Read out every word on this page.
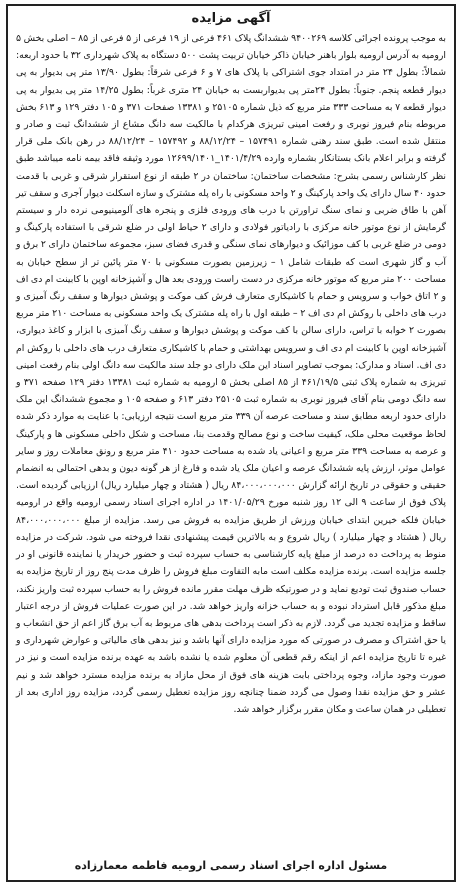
آگهی مزایده

به موجب پرونده اجرائی کلاسه ۹۴۰۰۲۶۹ ششدانگ پلاک ۴۶۱ فرعی از ۱۹ فرعی از ۵ فرعی از ۸۵ – اصلی بخش ۵ ارومیه به آدرس ارومیه بلوار باهنر خیابان ذاکر خیابان تربیت پشت ۵۰۰ دستگاه به پلاک شهرداری ۳۲ با حدود اربعه: شمالاً: بطول ۲۴ متر در امتداد جوی اشتراکی با پلاک های ۷ و ۶ فرعی شرقاً: بطول ۱۳/۹۰ متر پی بدیوار به پی دیوار قطعه پنجم. جنوباً: بطول ۲۴متر پی بدیواربست به خیابان ۲۴ متری غرباً: بطول ۱۴/۲۵ متر پی بدیوار به پی دیوار قطعه ۷ به مساحت ۳۳۳ متر مربع که ذیل شماره ۲۵۱۰۵ و ۱۳۳۸۱ صفحات ۳۷۱ و ۱۰۵ دفتر ۱۲۹ و ۶۱۳ بخش مربوطه بنام فیروز نوبری و رفعت امینی تبریزی هرکدام با مالکیت سه دانگ مشاع از ششدانگ ثبت و صادر و منتقل شده است. طبق سند رهنی شماره ۱۵۷۴۹۱ – ۸۸/۱۲/۲۴ و ۱۵۷۴۹۲ – ۸۸/۱۲/۲۴ در رهن بانک ملی قرار گرفته و برابر اعلام بانک بستانکار بشماره وارده ۱۴۰۱/۴/۲۹_۱۲۶۹۹/۱۴۰۱ مورد وثیقه فاقد بیمه نامه میباشد طبق نظر کارشناس رسمی بشرح: مشخصات ساختمان: ساختمان در ۲ طبقه از نوع استقرار شرقی و غربی با قدمت حدود ۴۰ سال دارای یک واحد پارکینگ و ۲ واحد مسکونی با راه پله مشترک و سازه اسکلت دیوار آجری و سقف تیر آهن با طاق ضربی و نمای سنگ تراورتن با درب های ورودی فلزی و پنجره های آلومینیومی نرده دار و سیستم گرمایش از نوع موتور خانه مرکزی با رادیاتور فولادی و دارای ۲ حیاط اولی در ضلع شرقی با استفاده پارکینگ و دومی در ضلع غربی با کف موزائیک و دیوارهای نمای سنگی و قدری فضای سبز، مجموعه ساختمان دارای ۲ برق و آب و گاز شهری است که طبقات شامل ۱ – زیرزمین بصورت مسکونی با ۷۰ متر پائین تر از سطح خیابان به مساحت ۲۰۰ متر مربع که موتور خانه مرکزی در دست راست ورودی بعد هال و آشپزخانه اوپن با کابینت ام دی اف و ۲ اتاق خواب و سرویس و حمام با کاشیکاری متعارف فرش کف موکت و پوشش دیوارها و سقف رنگ آمیزی و درب های داخلی با روکش ام دی اف ۲ – طبقه اول با راه پله مشترک یک واحد مسکونی به مساحت ۲۱۰ متر مربع بصورت ۲ خوابه با تراس، دارای سالن با کف موکت و پوشش دیوارها و سقف رنگ آمیزی با ابزار و کاغذ دیواری، آشپزخانه اوپن با کابینت ام دی اف و سرویس بهداشتی و حمام با کاشیکاری متعارف درب های داخلی با روکش ام دی اف. اسناد و مدارک: بموجب تصاویر اسناد این ملک دارای دو جلد سند مالکیت سه دانگ اولی بنام رفعت امینی تبریزی به شماره پلاک ثبتی ۴۶۱/۱۹/۵ از ۸۵ اصلی بخش ۵ ارومیه به شماره ثبت ۱۳۳۸۱ دفتر ۱۲۹ صفحه ۳۷۱ و سه دانگ دومی بنام آقای فیروز نوبری به شماره ثبت ۲۵۱۰۵ دفتر ۶۱۳ و صفحه ۱۰۵ و مجموع ششدانگ این ملک دارای حدود اربعه مطابق سند و مساحت عرصه آن ۳۳۹ متر مربع است نتیجه ارزیابی: با عنایت به موارد ذکر شده لحاظ موقعیت محلی ملک، کیفیت ساخت و نوع مصالح وقدمت بنا، مساحت و شکل داخلی مسکونی ها و پارکینگ و عرصه به مساحت ۳۳۹ متر مربع و اعیانی یاد شده به مساحت حدود ۴۱۰ متر مربع و رونق معاملات روز و سایر عوامل موثر، ارزش پایه ششدانگ عرصه و اعیان ملک یاد شده و فارغ از هر گونه دیون و بدهی احتمالی به انضمام حقیقی و حقوقی در تاریخ ارائه گزارش ۸۴،۰۰۰،۰۰۰،۰۰۰ ریال ( هشتاد و چهار میلیارد ریال) ارزیابی گردیده است. پلاک فوق از ساعت ۹ الی ۱۲ روز شنبه مورخ ۱۴۰۱/۰۵/۲۹ در اداره اجرای اسناد رسمی ارومیه واقع در ارومیه خیابان فلکه خیرین ابتدای خیابان ورزش از طریق مزایده به فروش می رسد. مزایده از مبلغ ۸۴،۰۰۰،۰۰۰،۰۰۰ ریال ( هشتاد و چهار میلیارد ) ریال شروع و به بالاترین قیمت پیشنهادی نقدا فروخته می شود. شرکت در مزایده منوط به پرداخت ده درصد از مبلغ پایه کارشناسی به حساب سپرده ثبت و حضور خریدار یا نماینده قانونی او در جلسه مزایده است. برنده مزایده مکلف است مابه التفاوت مبلغ فروش را ظرف مدت پنج روز از تاریخ مزایده به حساب صندوق ثبت تودیع نماید و در صورتیکه ظرف مهلت مقرر مانده فروش را به حساب سپرده ثبت واریز نکند، مبلغ مذکور قابل استرداد نبوده و به حساب خزانه واریز خواهد شد. در این صورت عملیات فروش از درجه اعتبار ساقط و مزایده تجدید می گردد. لازم به ذکر است پرداخت بدهی های مربوط به آب برق گاز اعم از حق انشعاب و یا حق اشتراک و مصرف در صورتی که مورد مزایده دارای آنها باشد و نیز بدهی های مالیاتی و عوارض شهرداری و غیره تا تاریخ مزایده اعم از اینکه رقم قطعی آن معلوم شده یا نشده باشد به عهده برنده مزایده است و نیز در صورت وجود مازاد، وجوه پرداختی بابت هزینه های فوق از محل مازاد به برنده مزایده مسترد خواهد شد و نیم عشر و حق مزایده نقدا وصول می گردد ضمنا چنانچه روز مزایده تعطیل رسمی گردد، مزایده روز اداری بعد از تعطیلی در همان ساعت و مکان مقرر برگزار خواهد شد.

مسئول اداره اجرای اسناد رسمی ارومیه فاطمه معمارزاده
